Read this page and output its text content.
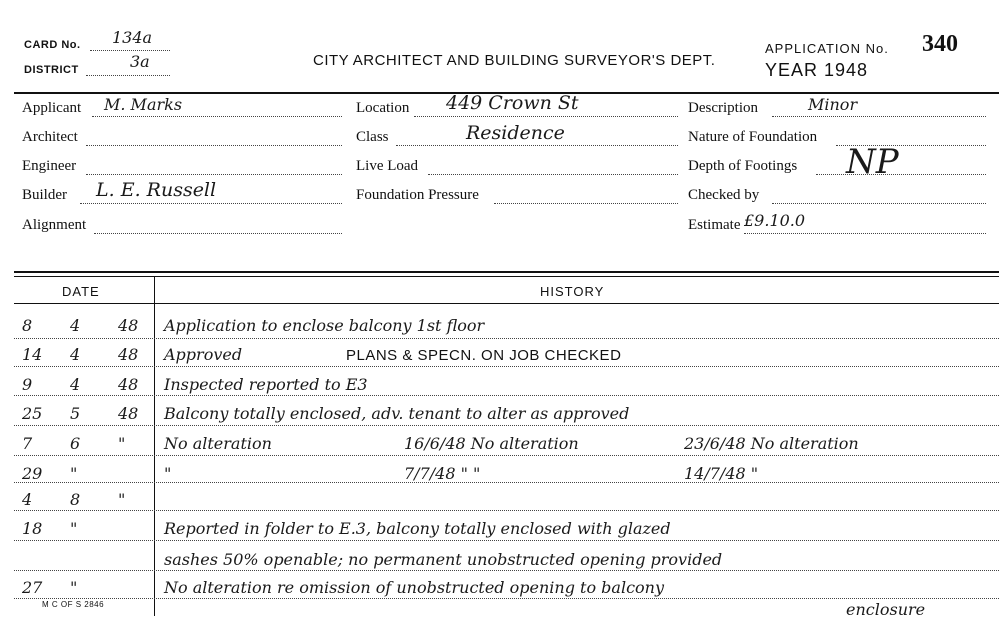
CARD No. 134a
DISTRICT	3a	CITY ARCHITECT AND BUILDING SURVEYOR'S DEPT.
APPLICATION No. 340
YEAR 1948
Applicant M. Marks
Architect
Engineer
Builder L. E. Russell
Alignment
Location 449 Crown St
Class	Residence
Live Load
Foundation Pressure
Description	Minor
Nature of Foundation
Depth of Footings NP
Checked by
Estimate £9.10.0
DATE	HISTORY
8 4 48 Application to enclose balcony 1st floor
14 4 48 Approved	PLANS & SPECN. ON JOB CHECKED
9 4 48 Inspected reported to E3
25 5 48 Balcony totally enclosed, adv. tenant to alter as approved
7 6 " No alteration	16/6/48 No alteration	23/6/48 No alteration
29 "	"	7/7/48 " "	14/7/48 "
4 8 "
18 "	Reported in folder to E.3, balcony totally enclosed with glazed
sashes 50% openable; no permanent unobstructed opening provided
27 "	No alteration re omission of unobstructed opening to balcony
enclosure
M C OF S 2846
